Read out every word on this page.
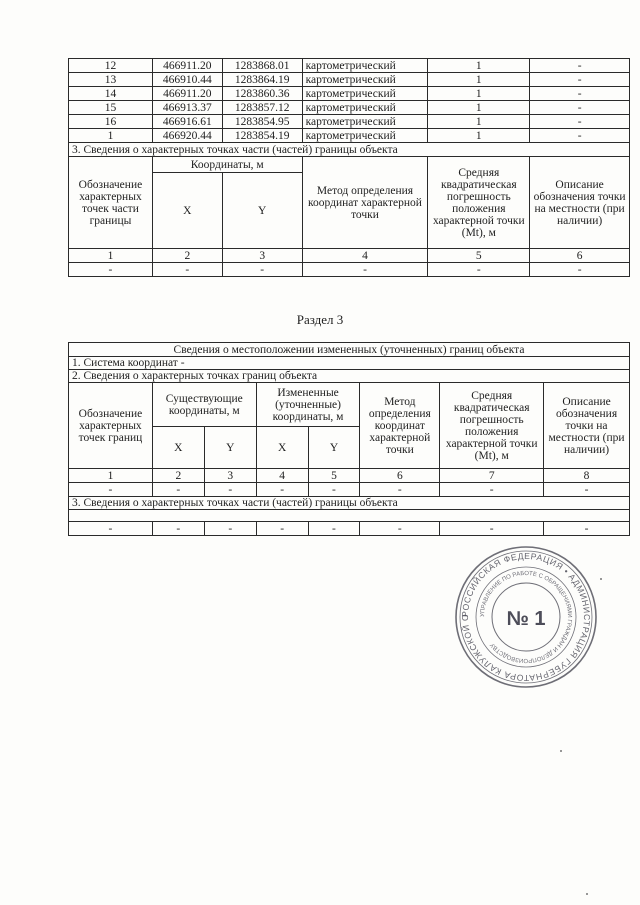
12	466911.20	1283868.01	картометрический	1	-
13	466910.44	1283864.19	картометрический	1	-
14	466911.20	1283860.36	картометрический	1	-
15	466913.37	1283857.12	картометрический	1	-
16	466916.61	1283854.95	картометрический	1	-
1	466920.44	1283854.19	картометрический	1	-
3. Сведения о характерных точках части (частей) границы объекта					
Обозначение характерных точек части границы	Координаты, м		Метод определения координат характерной точки	Средняя квадратическая погрешность положения характерной точки (Mt), м	Описание обозначения точки на местности (при наличии)
	X	Y			
1	2	3	4	5	6
-	-	-	-	-	-
Раздел 3
Сведения о местоположении измененных (уточненных) границ объекта							
1. Система координат -							
2. Сведения о характерных точках границ объекта							
Обозначение характерных точек границ	Существующие координаты, м		Измененные (уточненные) координаты, м		Метод определения координат характерной точки	Средняя квадратическая погрешность положения характерной точки (Mt), м	Описание обозначения точки на местности (при наличии)
	X	Y	X	Y			
1	2	3	4	5	6	7	8
-	-	-	-	-	-	-	-
3. Сведения о характерных точках части (частей) границы объекта							

-	-	-	-	-	-	-	-
РОССИЙСКАЯ ФЕДЕРАЦИЯ • АДМИНИСТРАЦИЯ ГУБЕРНАТОРА КАЛУЖСКОЙ О	УПРАВЛЕНИЕ ПО РАБОТЕ С ОБРАЩЕНИЯМИ ГРАЖДАН И ДЕЛОПРОИЗВОДСТВУ
№ 1
